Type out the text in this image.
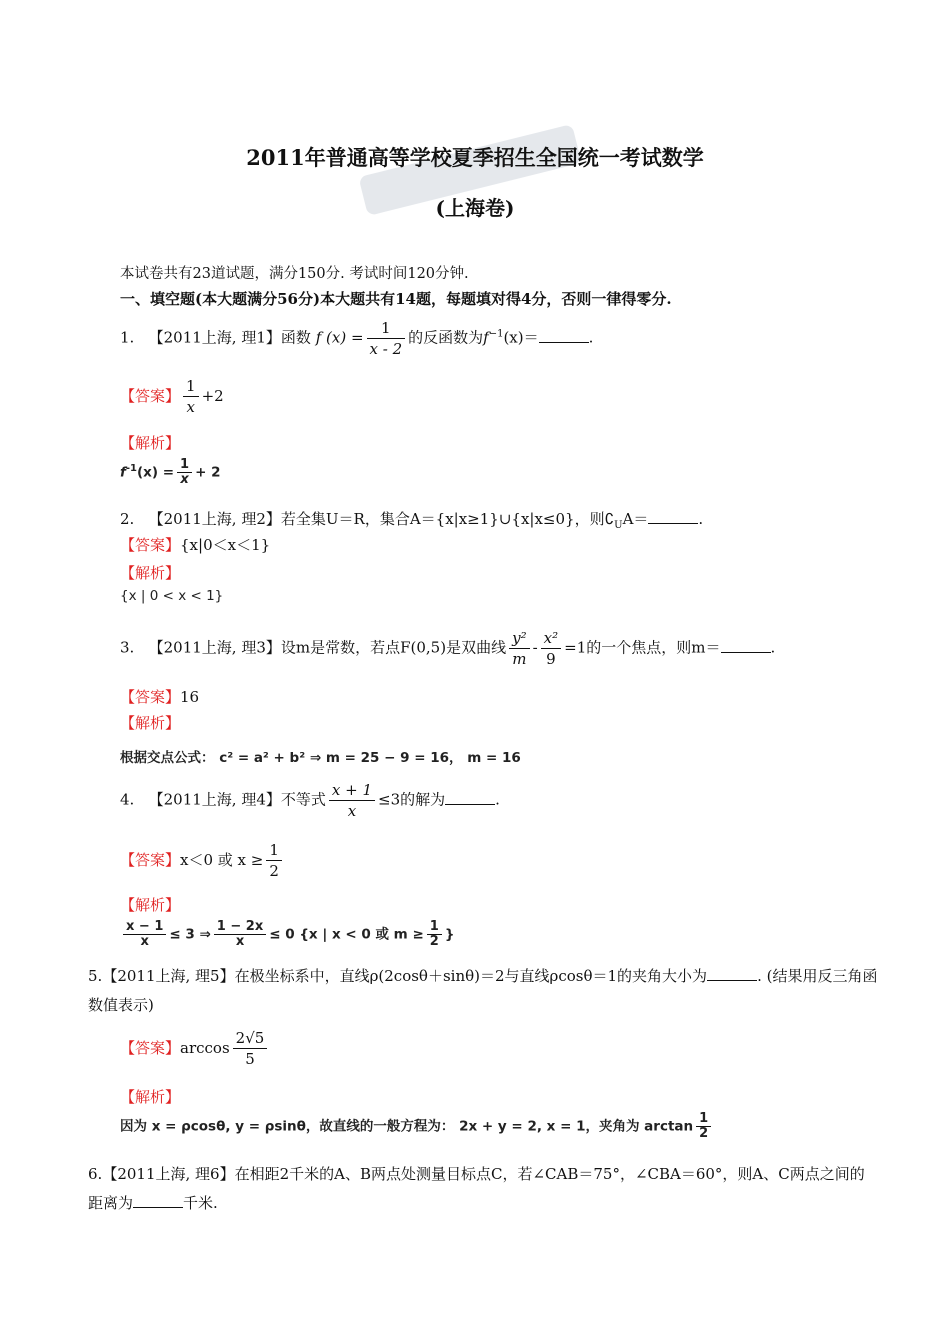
2011年普通高等学校夏季招生全国统一考试数学
(上海卷)
本试卷共有23道试题，满分150分. 考试时间120分钟.
一、填空题(本大题满分56分)本大题共有14题，每题填对得4分，否则一律得零分.
1. 【2011上海, 理1】函数 f $(x) = \frac{1}{x - 2}$ 的反函数为$f^{-1}(x)=$	.
【答案】 $\frac{1}{x} +2$
【解析】
$f^{-1}(x) = \frac{1}{x} + 2$
2. 【2011上海, 理2】若全集U＝R，集合A＝{x|x≥1}∪{x|x≤0}，则$∁_UA=$	.
【答案】{x|0＜x＜1}
【解析】
{x | 0 < x < 1}
3. 【2011上海, 理3】设m是常数，若点F(0,5)是双曲线 $\frac{\text{y²}}{m} - \frac{\text{x²}}{9} =1$的一个焦点，则m＝	.
【答案】16
【解析】
根据交点公式： c² = a² + b² ⇒ m = 25 − 9 = 16， m = 16
4. 【2011上海, 理4】不等式 $\frac{x + 1}{x} \le 3$的解为	.
【答案】x＜0 或 $x \ge \frac{1}{2}$
【解析】
$\frac{x - 1}{x} \le 3$ ⇒ $\frac{1 - 2x}{x} \le 0$ {x | x < 0 或 $m \ge \frac{1}{2}$ }
5.【2011上海, 理5】在极坐标系中，直线ρ(2cosθ＋sinθ)＝2与直线ρcosθ＝1的夹角大小为	. (结果用反三角函数值表示)
【答案】$\arccos \frac{2√5}{5}$
【解析】
因为 x = ρcosθ, y = ρsinθ，故直线的一般方程为： 2x + y = 2, x = 1，夹角为 $\arctan \frac{1}{2}$
6.【2011上海, 理6】在相距2千米的A、B两点处测量目标点C，若∠CAB＝75°，∠CBA＝60°，则A、C两点之间的距离为	千米.
